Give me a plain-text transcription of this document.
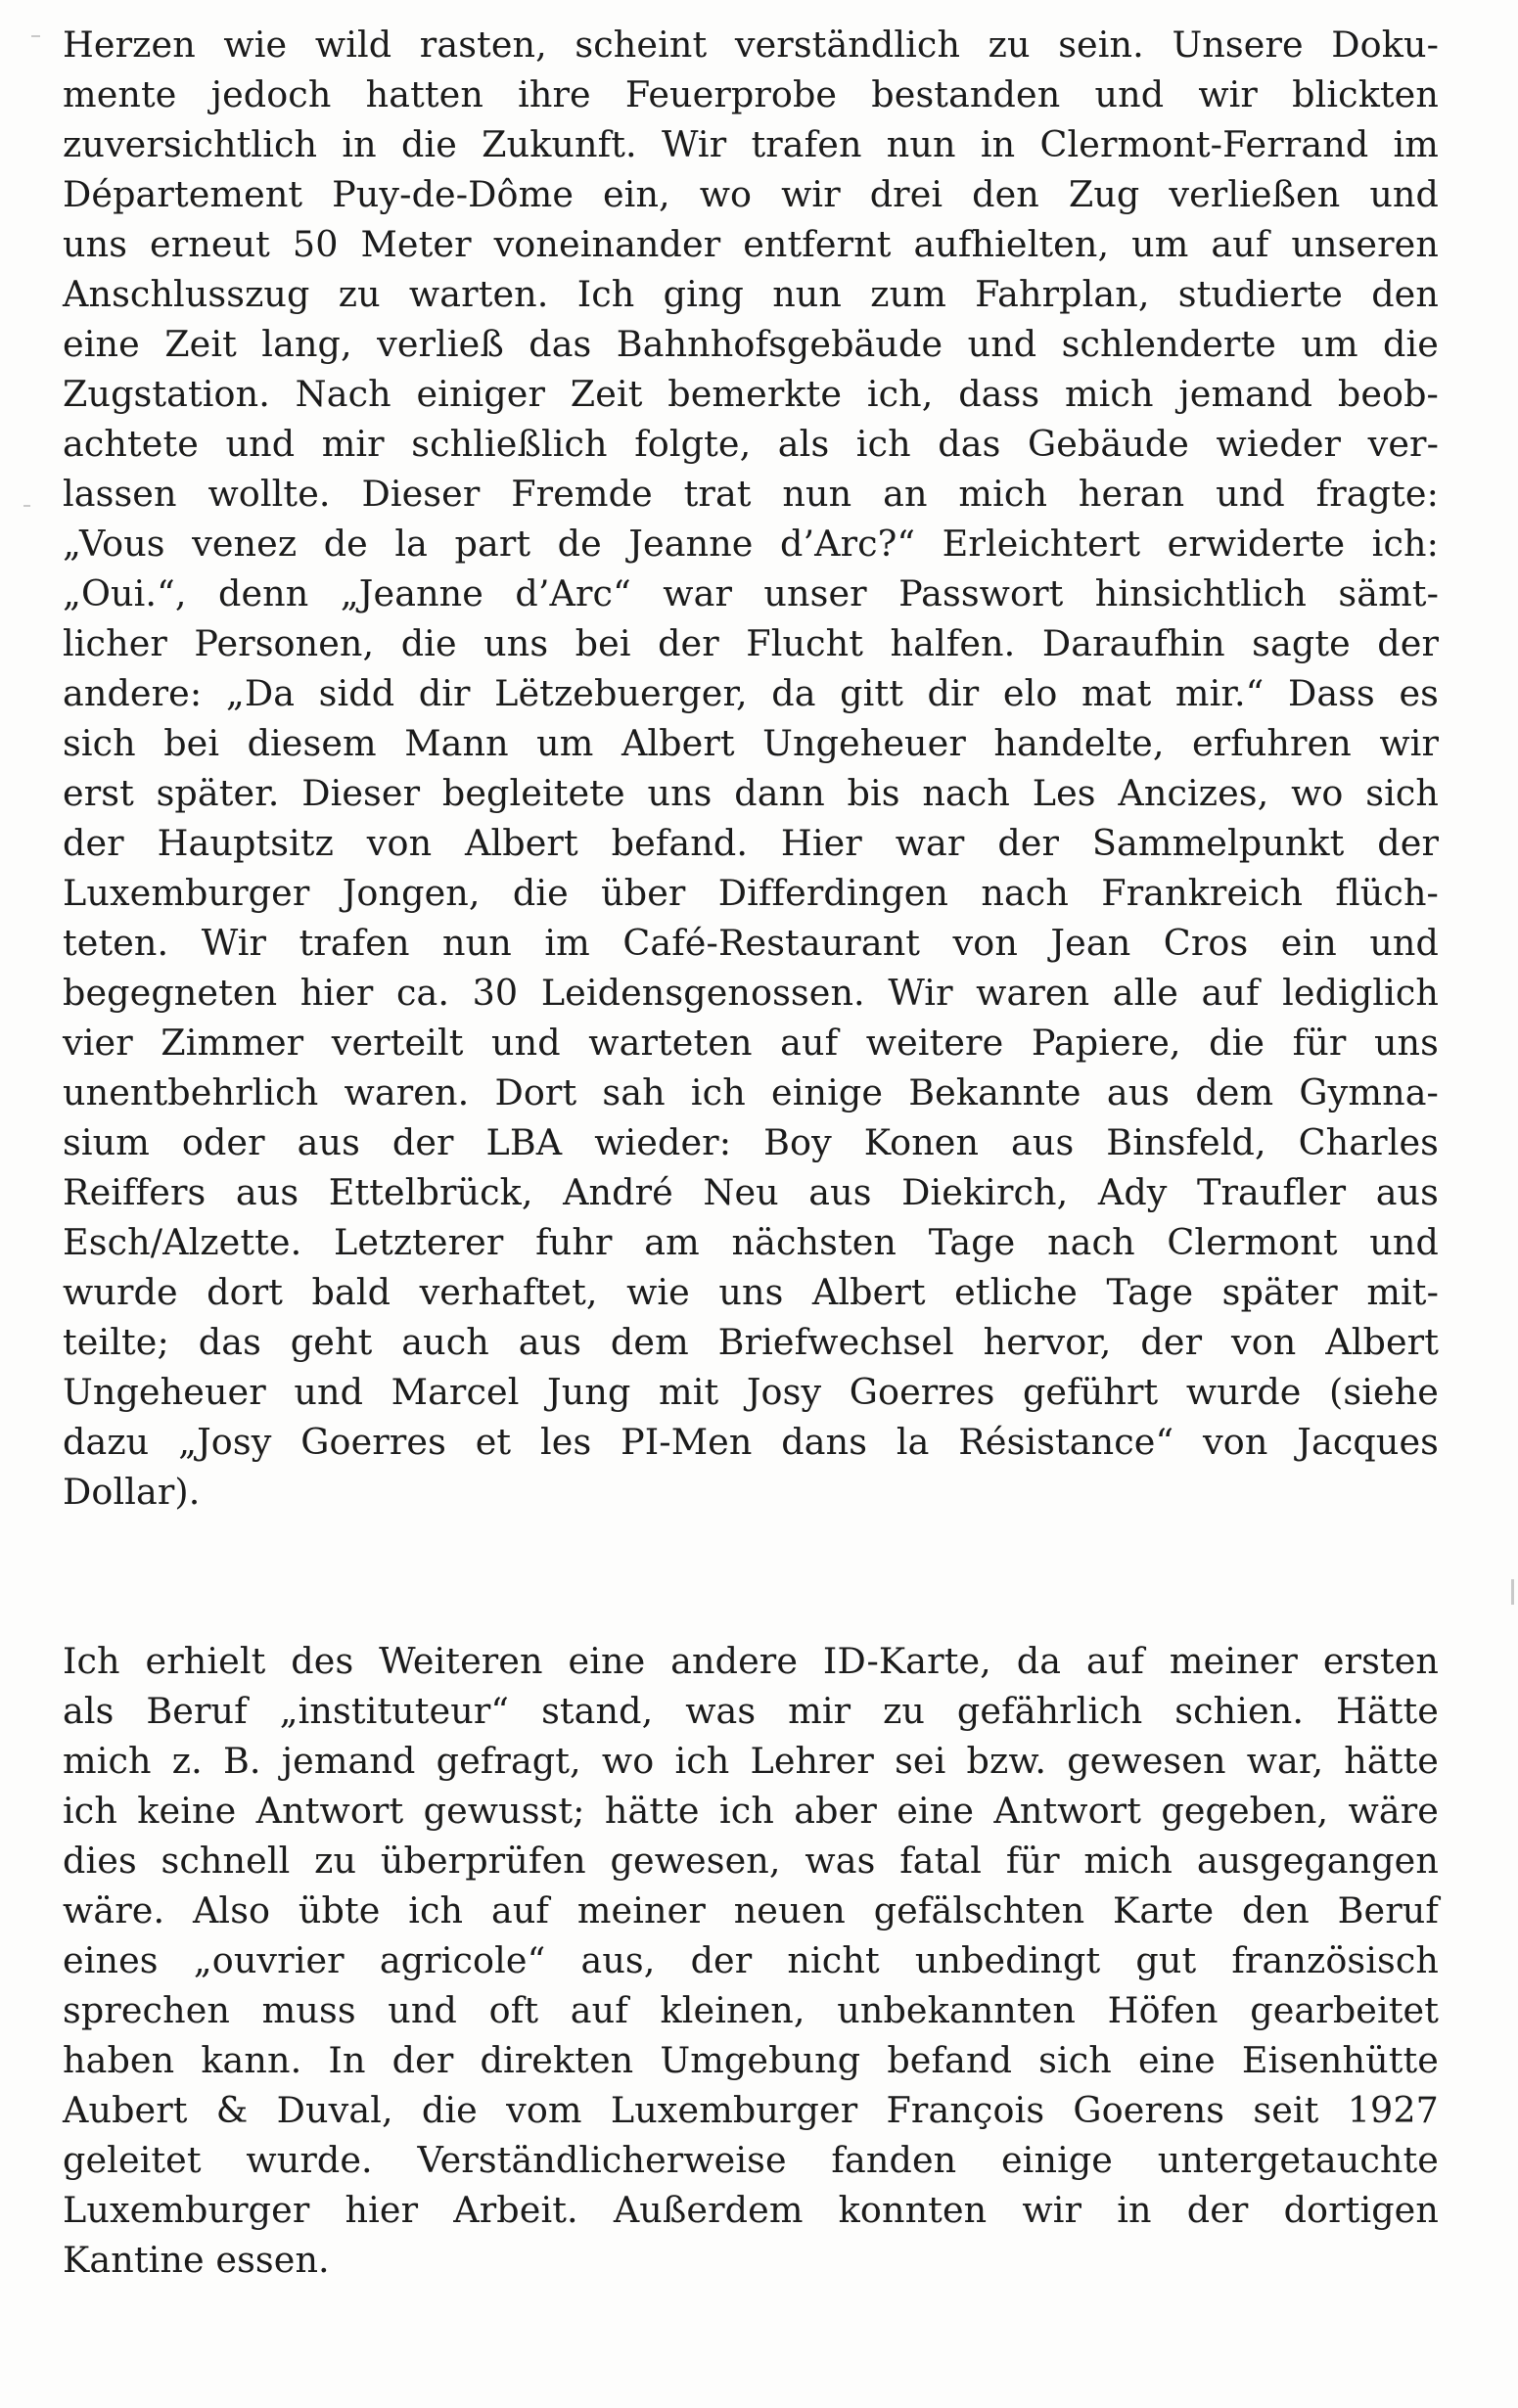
Herzen wie wild rasten, scheint verständlich zu sein. Unsere Doku-
mente jedoch hatten ihre Feuerprobe bestanden und wir blickten
zuversichtlich in die Zukunft. Wir trafen nun in Clermont-Ferrand im
Département Puy-de-Dôme ein, wo wir drei den Zug verließen und
uns erneut 50 Meter voneinander entfernt aufhielten, um auf unseren
Anschlusszug zu warten. Ich ging nun zum Fahrplan, studierte den
eine Zeit lang, verließ das Bahnhofsgebäude und schlenderte um die
Zugstation. Nach einiger Zeit bemerkte ich, dass mich jemand beob-
achtete und mir schließlich folgte, als ich das Gebäude wieder ver-
lassen wollte. Dieser Fremde trat nun an mich heran und fragte:
„Vous venez de la part de Jeanne d’Arc?“ Erleichtert erwiderte ich:
„Oui.“, denn „Jeanne d’Arc“ war unser Passwort hinsichtlich sämt-
licher Personen, die uns bei der Flucht halfen. Daraufhin sagte der
andere: „Da sidd dir Lëtzebuerger, da gitt dir elo mat mir.“ Dass es
sich bei diesem Mann um Albert Ungeheuer handelte, erfuhren wir
erst später. Dieser begleitete uns dann bis nach Les Ancizes, wo sich
der Hauptsitz von Albert befand. Hier war der Sammelpunkt der
Luxemburger Jongen, die über Differdingen nach Frankreich flüch-
teten. Wir trafen nun im Café-Restaurant von Jean Cros ein und
begegneten hier ca. 30 Leidensgenossen. Wir waren alle auf lediglich
vier Zimmer verteilt und warteten auf weitere Papiere, die für uns
unentbehrlich waren. Dort sah ich einige Bekannte aus dem Gymna-
sium oder aus der LBA wieder: Boy Konen aus Binsfeld, Charles
Reiffers aus Ettelbrück, André Neu aus Diekirch, Ady Traufler aus
Esch/Alzette. Letzterer fuhr am nächsten Tage nach Clermont und
wurde dort bald verhaftet, wie uns Albert etliche Tage später mit-
teilte; das geht auch aus dem Briefwechsel hervor, der von Albert
Ungeheuer und Marcel Jung mit Josy Goerres geführt wurde (siehe
dazu „Josy Goerres et les PI-Men dans la Résistance“ von Jacques
Dollar).
Ich erhielt des Weiteren eine andere ID-Karte, da auf meiner ersten
als Beruf „instituteur“ stand, was mir zu gefährlich schien. Hätte
mich z. B. jemand gefragt, wo ich Lehrer sei bzw. gewesen war, hätte
ich keine Antwort gewusst; hätte ich aber eine Antwort gegeben, wäre
dies schnell zu überprüfen gewesen, was fatal für mich ausgegangen
wäre. Also übte ich auf meiner neuen gefälschten Karte den Beruf
eines „ouvrier agricole“ aus, der nicht unbedingt gut französisch
sprechen muss und oft auf kleinen, unbekannten Höfen gearbeitet
haben kann. In der direkten Umgebung befand sich eine Eisenhütte
Aubert & Duval, die vom Luxemburger François Goerens seit 1927
geleitet wurde. Verständlicherweise fanden einige untergetauchte
Luxemburger hier Arbeit. Außerdem konnten wir in der dortigen
Kantine essen.
